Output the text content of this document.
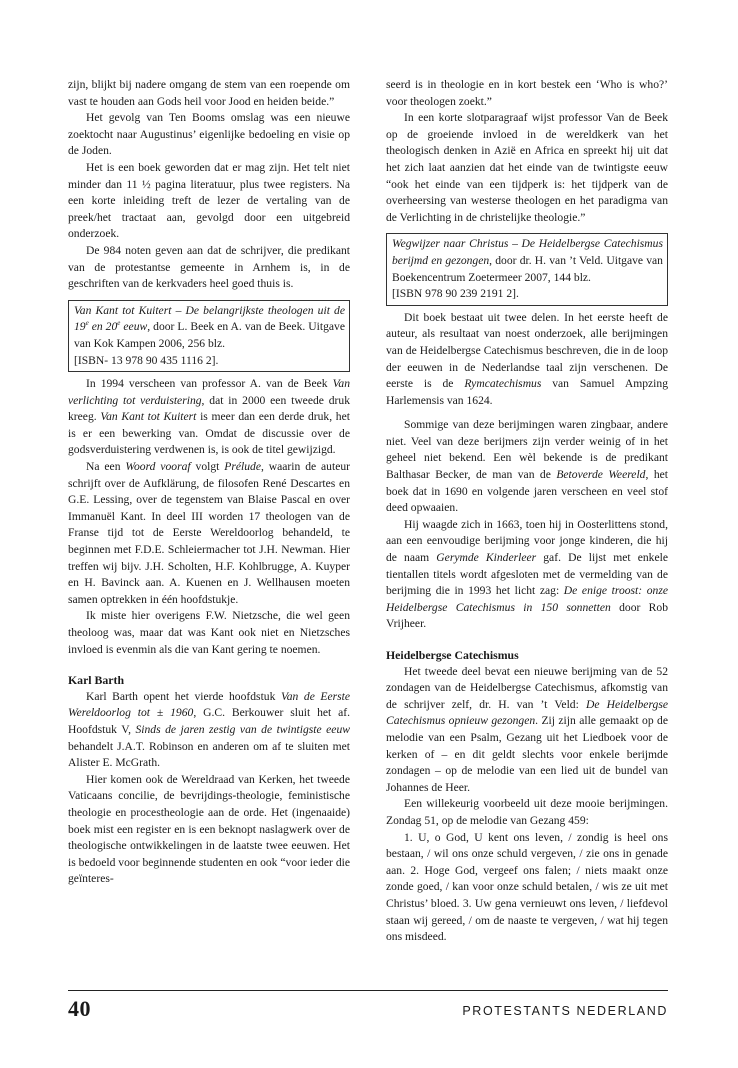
zijn, blijkt bij nadere omgang de stem van een roepende om vast te houden aan Gods heil voor Jood en heiden beide.”

Het gevolg van Ten Booms omslag was een nieuwe zoektocht naar Augustinus’ eigenlijke bedoeling en visie op de Joden.

Het is een boek geworden dat er mag zijn. Het telt niet minder dan 11 ½ pagina literatuur, plus twee registers. Na een korte inleiding treft de lezer de vertaling van de preek/het tractaat aan, gevolgd door een uitgebreid onderzoek.

De 984 noten geven aan dat de schrijver, die predikant van de protestantse gemeente in Arnhem is, in de geschriften van de kerkvaders heel goed thuis is.

Van Kant tot Kuitert – De belangrijkste theologen uit de 19e en 20e eeuw, door L. Beek en A. van de Beek. Uitgave van Kok Kampen 2006, 256 blz.
[ISBN- 13 978 90 435 1116 2].

In 1994 verscheen van professor A. van de Beek Van verlichting tot verduistering, dat in 2000 een tweede druk kreeg. Van Kant tot Kuitert is meer dan een derde druk, het is er een bewerking van. Omdat de discussie over de godsverduistering verdwenen is, is ook de titel gewijzigd.

Na een Woord vooraf volgt Prélude, waarin de auteur schrijft over de Aufklärung, de filosofen René Descartes en G.E. Lessing, over de tegenstem van Blaise Pascal en over Immanuël Kant. In deel III worden 17 theologen van de Franse tijd tot de Eerste Wereldoorlog behandeld, te beginnen met F.D.E. Schleiermacher tot J.H. Newman. Hier treffen wij bijv. J.H. Scholten, H.F. Kohlbrugge, A. Kuyper en H. Bavinck aan. A. Kuenen en J. Wellhausen moeten samen optrekken in één hoofdstukje.

Ik miste hier overigens F.W. Nietzsche, die wel geen theoloog was, maar dat was Kant ook niet en Nietzsches invloed is evenmin als die van Kant gering te noemen.

Karl Barth

Karl Barth opent het vierde hoofdstuk Van de Eerste Wereldoorlog tot ± 1960, G.C. Berkouwer sluit het af. Hoofdstuk V, Sinds de jaren zestig van de twintigste eeuw behandelt J.A.T. Robinson en anderen om af te sluiten met Alister E. McGrath.

Hier komen ook de Wereldraad van Kerken, het tweede Vaticaans concilie, de bevrijdings-theologie, feministische theologie en procestheologie aan de orde. Het (ingenaaide) boek mist een register en is een beknopt naslagwerk over de theologische ontwikkelingen in de laatste twee eeuwen. Het is bedoeld voor beginnende studenten en ook “voor ieder die geïnteres-

seerd is in theologie en in kort bestek een ‘Who is who?’ voor theologen zoekt.”

In een korte slotparagraaf wijst professor Van de Beek op de groeiende invloed in de wereldkerk van het theologisch denken in Azië en Africa en spreekt hij uit dat het zich laat aanzien dat het einde van de twintigste eeuw “ook het einde van een tijdperk is: het tijdperk van de overheersing van westerse theologen en het paradigma van de Verlichting in de christelijke theologie.”

Wegwijzer naar Christus – De Heidelbergse Catechismus berijmd en gezongen, door dr. H. van ’t Veld. Uitgave van Boekencentrum Zoetermeer 2007, 144 blz.
[ISBN 978 90 239 2191 2].

Dit boek bestaat uit twee delen. In het eerste heeft de auteur, als resultaat van noest onderzoek, alle berijmingen van de Heidelbergse Catechismus beschreven, die in de loop der eeuwen in de Nederlandse taal zijn verschenen. De eerste is de Rymcatechismus van Samuel Ampzing Harlemensis van 1624.

Sommige van deze berijmingen waren zingbaar, andere niet. Veel van deze berijmers zijn verder weinig of in het geheel niet bekend. Een wèl bekende is de predikant Balthasar Becker, de man van de Betoverde Weereld, het boek dat in 1690 en volgende jaren verscheen en veel stof deed opwaaien.

Hij waagde zich in 1663, toen hij in Oosterlittens stond, aan een eenvoudige berijming voor jonge kinderen, die hij de naam Gerymde Kinderleer gaf. De lijst met enkele tientallen titels wordt afgesloten met de vermelding van de berijming die in 1993 het licht zag: De enige troost: onze Heidelbergse Catechismus in 150 sonnetten door Rob Vrijheer.

Heidelbergse Catechismus

Het tweede deel bevat een nieuwe berijming van de 52 zondagen van de Heidelbergse Catechismus, afkomstig van de schrijver zelf, dr. H. van ’t Veld: De Heidelbergse Catechismus opnieuw gezongen. Zij zijn alle gemaakt op de melodie van een Psalm, Gezang uit het Liedboek voor de kerken of – en dit geldt slechts voor enkele berijmde zondagen – op de melodie van een lied uit de bundel van Johannes de Heer.

Een willekeurig voorbeeld uit deze mooie berijmingen. Zondag 51, op de melodie van Gezang 459:

1. U, o God, U kent ons leven, / zondig is heel ons bestaan, / wil ons onze schuld vergeven, / zie ons in genade aan. 2. Hoge God, vergeef ons falen; / niets maakt onze zonde goed, / kan voor onze schuld betalen, / wis ze uit met Christus’ bloed. 3. Uw gena vernieuwt ons leven, / liefdevol staan wij gereed, / om de naaste te vergeven, / wat hij tegen ons misdeed.

40	PROTESTANTS NEDERLAND
